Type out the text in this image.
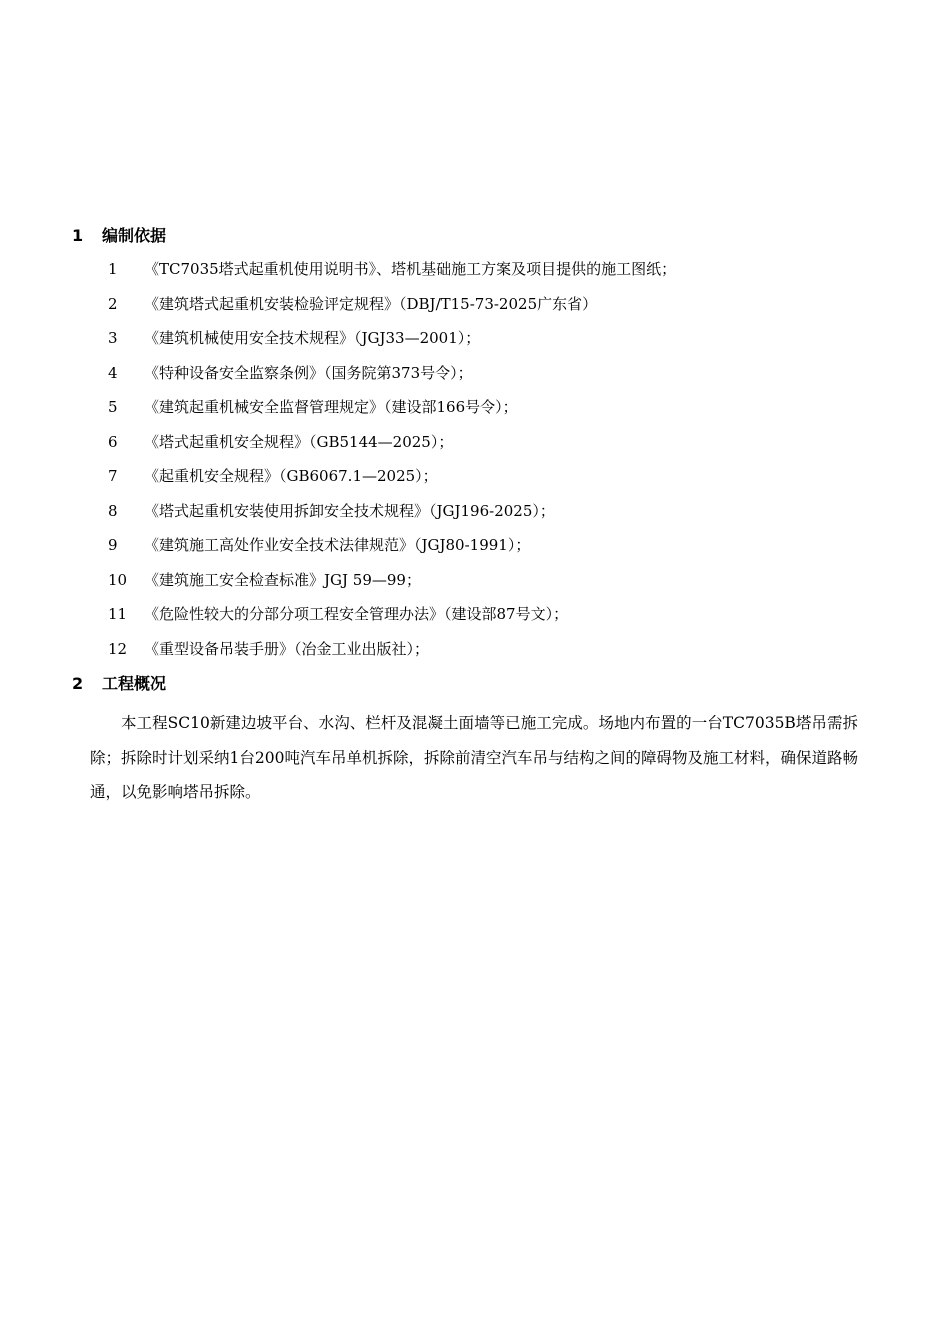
1 编制依据
1 《TC7035塔式起重机使用说明书》、塔机基础施工方案及项目提供的施工图纸；
2 《建筑塔式起重机安装检验评定规程》（DBJ/T15-73-2025广东省）
3 《建筑机械使用安全技术规程》（JGJ33—2001）；
4 《特种设备安全监察条例》（国务院第373号令）；
5 《建筑起重机械安全监督管理规定》（建设部166号令）；
6 《塔式起重机安全规程》（GB5144—2025）；
7 《起重机安全规程》（GB6067.1—2025）；
8 《塔式起重机安装使用拆卸安全技术规程》（JGJ196-2025）；
9 《建筑施工高处作业安全技术法律规范》（JGJ80-1991）；
10 《建筑施工安全检查标准》JGJ 59—99；
11 《危险性较大的分部分项工程安全管理办法》（建设部87号文）；
12 《重型设备吊装手册》（冶金工业出版社）；
2 工程概况

本工程SC10新建边坡平台、水沟、栏杆及混凝土面墙等已施工完成。场地内布置的一台TC7035B塔吊需拆除；拆除时计划采纳1台200吨汽车吊单机拆除，拆除前清空汽车吊与结构之间的障碍物及施工材料，确保道路畅通，以免影响塔吊拆除。
